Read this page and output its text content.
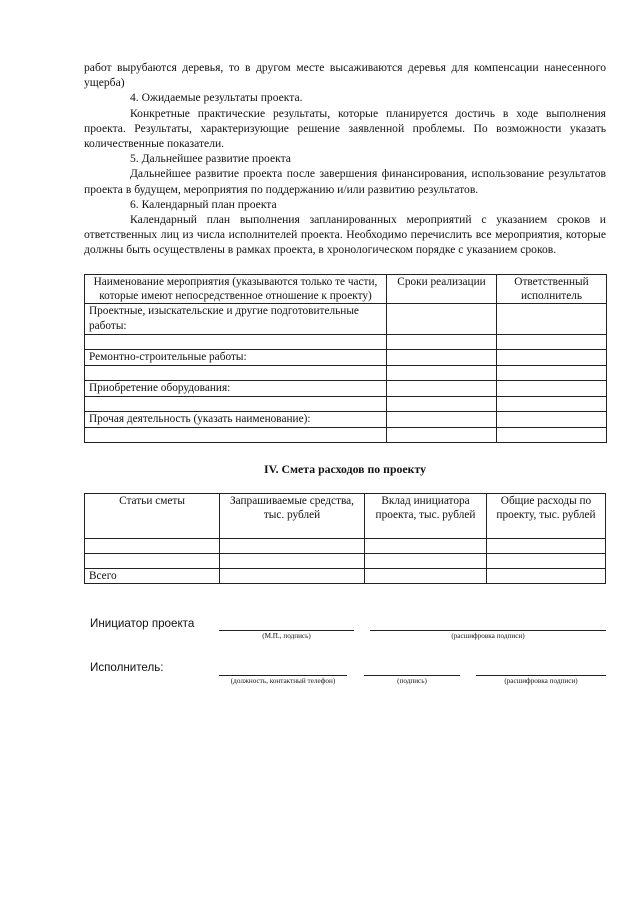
работ вырубаются деревья, то в другом месте высаживаются деревья для компенсации нанесенного ущерба)

4. Ожидаемые результаты проекта.

Конкретные практические результаты, которые планируется достичь в ходе выполнения проекта. Результаты, характеризующие решение заявленной проблемы. По возможности указать количественные показатели.

5. Дальнейшее развитие проекта

Дальнейшее развитие проекта после завершения финансирования, использование результатов проекта в будущем, мероприятия по поддержанию и/или развитию результатов.

6. Календарный план проекта

Календарный план выполнения запланированных мероприятий с указанием сроков и ответственных лиц из числа исполнителей проекта. Необходимо перечислить все мероприятия, которые должны быть осуществлены в рамках проекта, в хронологическом порядке с указанием сроков.

Наименование мероприятия (указываются только те части, которые имеют непосредственное отношение к проекту)	Сроки реализации	Ответственный исполнитель
Проектные, изыскательские и другие подготовительные работы:		

Ремонтно-строительные работы:		

Приобретение оборудования:		

Прочая деятельность (указать наименование):		

IV. Смета расходов по проекту
Статьи сметы	Запрашиваемые средства, тыс. рублей	Вклад инициатора проекта, тыс. рублей	Общие расходы по проекту, тыс. рублей

Всего			
Инициатор проекта
(М.П., подпись)	(расшифровка подписи)
Исполнитель:
(должность, контактный телефон)	(подпись)	(расшифровка подписи)
